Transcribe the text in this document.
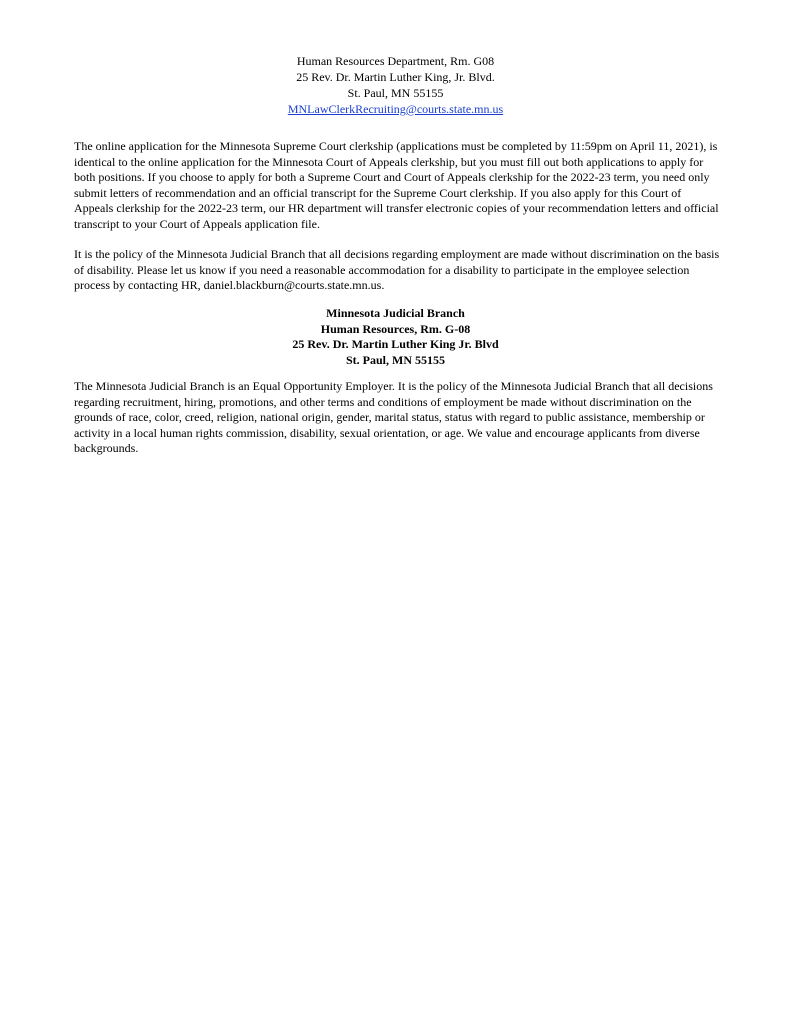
Human Resources Department, Rm. G08
25 Rev. Dr. Martin Luther King, Jr. Blvd.
St. Paul, MN 55155
MNLawClerkRecruiting@courts.state.mn.us

The online application for the Minnesota Supreme Court clerkship (applications must be completed by 11:59pm on April 11, 2021), is identical to the online application for the Minnesota Court of Appeals clerkship, but you must fill out both applications to apply for both positions. If you choose to apply for both a Supreme Court and Court of Appeals clerkship for the 2022-23 term, you need only submit letters of recommendation and an official transcript for the Supreme Court clerkship. If you also apply for this Court of Appeals clerkship for the 2022-23 term, our HR department will transfer electronic copies of your recommendation letters and official transcript to your Court of Appeals application file.

It is the policy of the Minnesota Judicial Branch that all decisions regarding employment are made without discrimination on the basis of disability. Please let us know if you need a reasonable accommodation for a disability to participate in the employee selection process by contacting HR, daniel.blackburn@courts.state.mn.us.

Minnesota Judicial Branch
Human Resources, Rm. G-08
25 Rev. Dr. Martin Luther King Jr. Blvd
St. Paul, MN 55155

The Minnesota Judicial Branch is an Equal Opportunity Employer. It is the policy of the Minnesota Judicial Branch that all decisions regarding recruitment, hiring, promotions, and other terms and conditions of employment be made without discrimination on the grounds of race, color, creed, religion, national origin, gender, marital status, status with regard to public assistance, membership or activity in a local human rights commission, disability, sexual orientation, or age. We value and encourage applicants from diverse backgrounds.
